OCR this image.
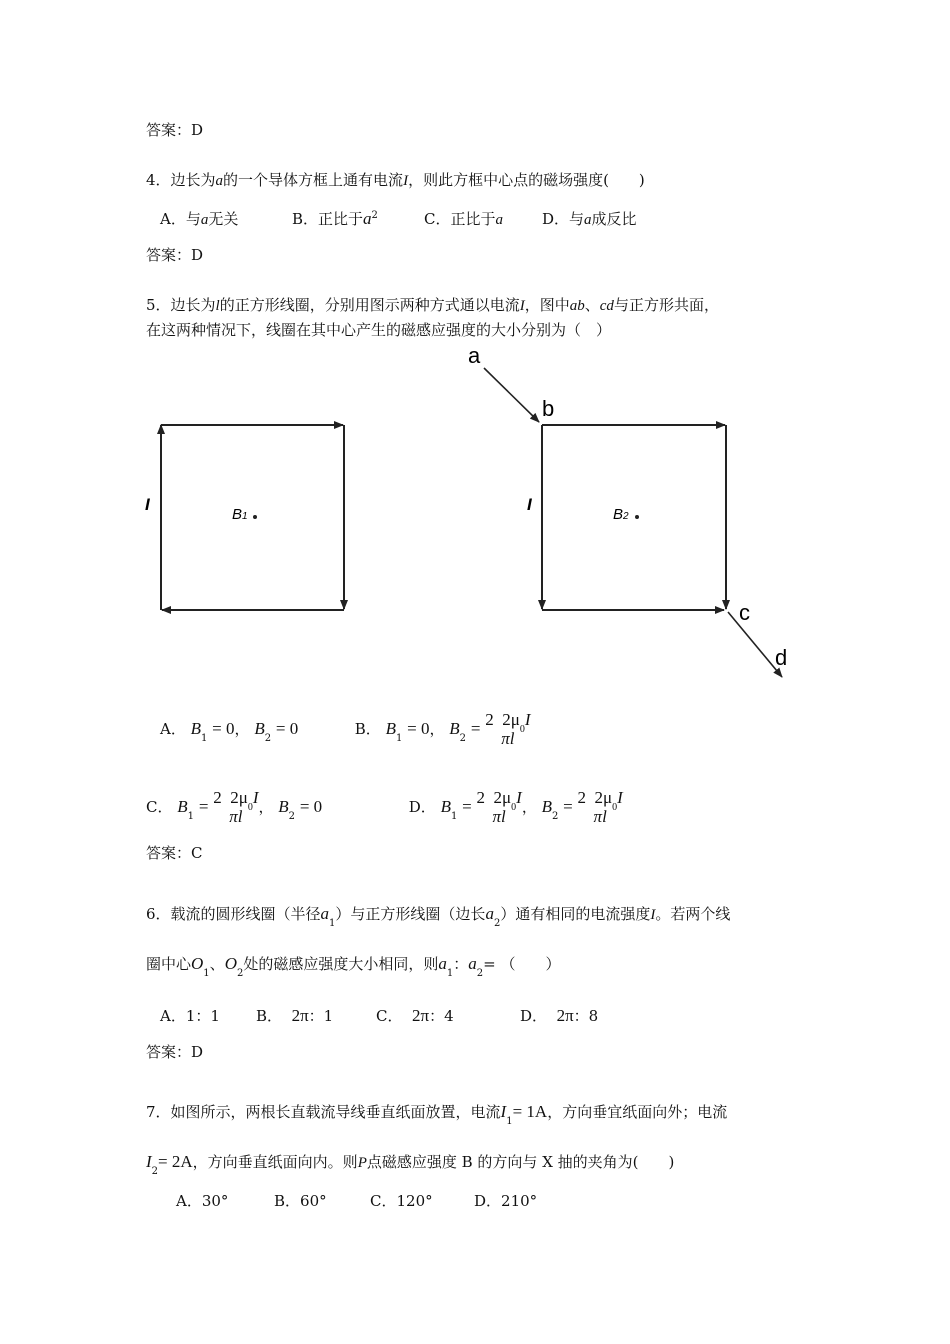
答案：D
4．边长为a的一个导体方框上通有电流I，则此方框中心点的磁场强度(　　)
A．与a无关	B．正比于$a^2$	C．正比于a	D．与a成反比
答案：D
5．边长为l的正方形线圈，分别用图示两种方式通以电流I，图中ab、cd与正方形共面，
在这两种情况下，线圈在其中心产生的磁感应强度的大小分别为（　）
I
B1
I
B2
a
b
c
d
A． $B_1 = 0$， $B_2 = 0$	B． $B_1 = 0$， $B_2 = 2$ $2\mu_0I$
πl
C． $B_1 = 2$ $2\mu_0I$
πl	， $B_2 = 0$	D． $B_1 = 2$ $2\mu_0I$
πl	， $B_2 = 2$ $2\mu_0I$
πl
答案：C
6．载流的圆形线圈（半径$a_1$）与正方形线圈（边长$a_2$）通有相同的电流强度I。若两个线
圈中心$O_1$、$O_2$处的磁感应强度大小相同，则$a_1$：$a_2=$ （　　）
A．1：1 B． 2π：1	C． 2π：4	D． 2π：8
答案：D
7．如图所示，两根长直载流导线垂直纸面放置，电流$I_1= 1A$，方向垂宜纸面向外；电流
$I_2= 2A$，方向垂直纸面向内。则P点磁感应强度 B 的方向与 X 抽的夹角为(　　)
A．30°	B．60°	C．120°	D．210°
